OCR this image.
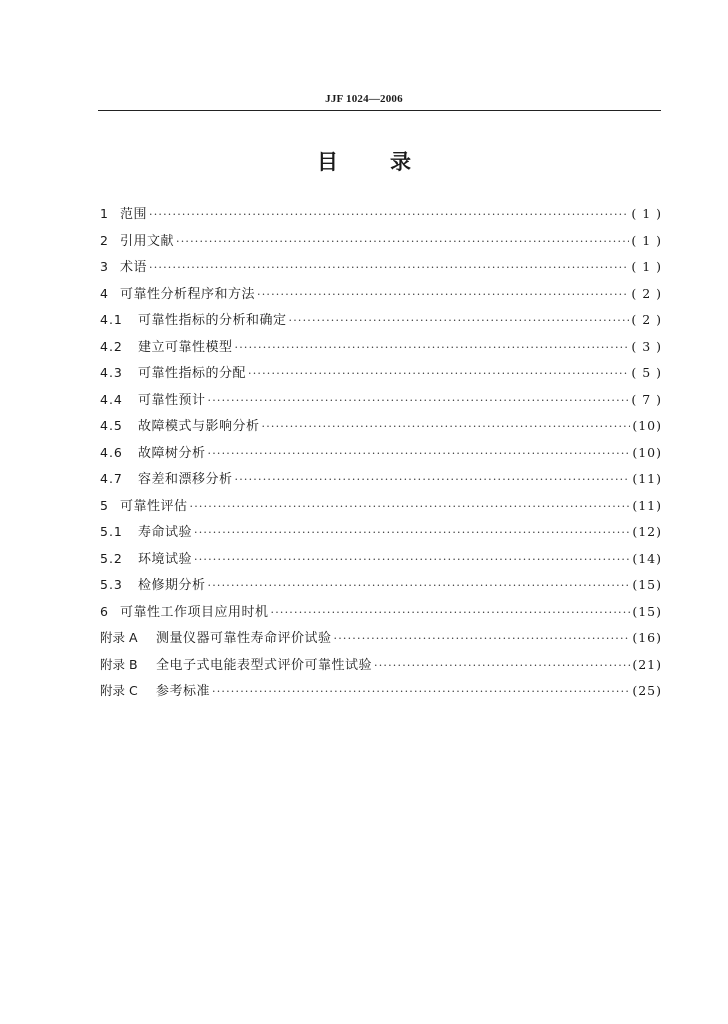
JJF 1024—2006
目 录
1 范围 ·····	( 1 )
2 引用文献 ·····	( 1 )
3 术语 ·····	( 1 )
4 可靠性分析程序和方法 ·····	( 2 )
4.1	可靠性指标的分析和确定 ·····	( 2 )
4.2	建立可靠性模型 ·····	( 3 )
4.3	可靠性指标的分配 ·····	( 5 )
4.4	可靠性预计 ·····	( 7 )
4.5	故障模式与影响分析 ·····	(10)
4.6	故障树分析 ·····	(10)
4.7	容差和漂移分析 ·····	(11)
5 可靠性评估 ·····	(11)
5.1	寿命试验 ·····	(12)
5.2	环境试验 ·····	(14)
5.3	检修期分析 ·····	(15)
6 可靠性工作项目应用时机 ·····	(15)
附录 A	测量仪器可靠性寿命评价试验 ·····	(16)
附录 B	全电子式电能表型式评价可靠性试验 ·····	(21)
附录 C	参考标准 ·····	(25)
